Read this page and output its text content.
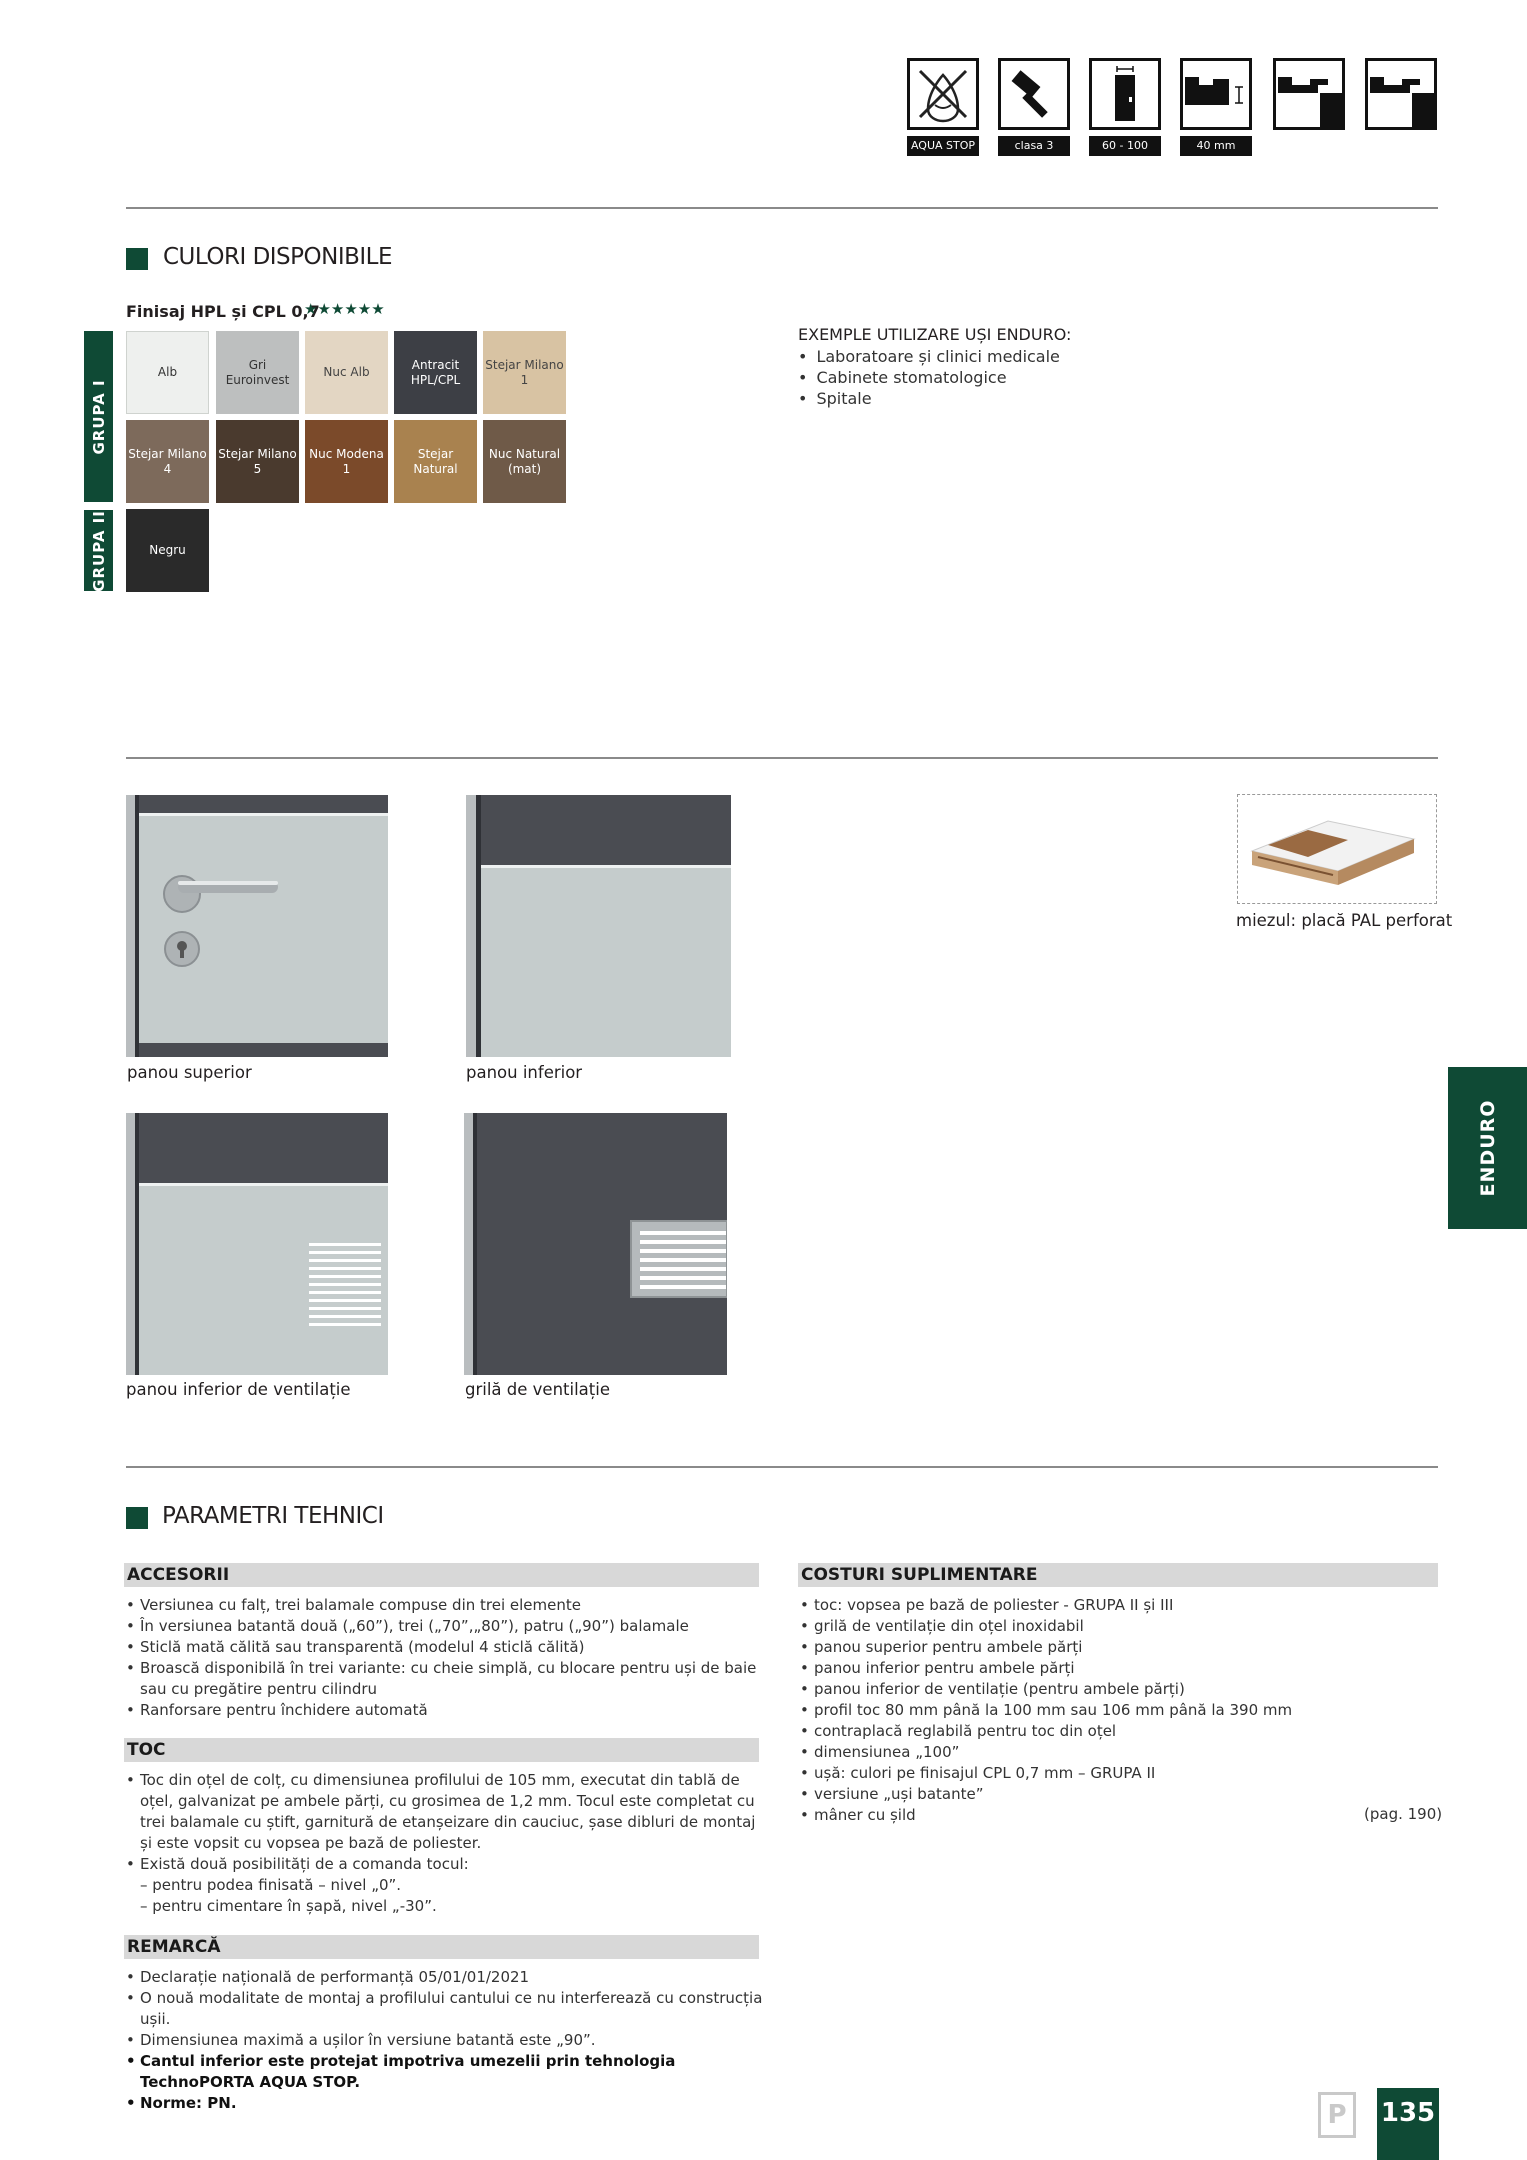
AQUA STOP	clasa 3	60 - 100	40 mm
CULORI DISPONIBILE
Finisaj HPL și CPL 0,7
★★★★★★
GRUPA I
GRUPA II
Alb
Gri Euroinvest
Nuc Alb
Antracit HPL/CPL
Stejar Milano 1
Stejar Milano 4
Stejar Milano 5
Nuc Modena 1
Stejar Natural
Nuc Natural (mat)
Negru
EXEMPLE UTILIZARE UȘI ENDURO:
• Laboratoare și clinici medicale
• Cabinete stomatologice
• Spitale
panou superior	panou inferior
miezul: placă PAL perforat
panou inferior de ventilație	grilă de ventilație
ENDURO
PARAMETRI TEHNICI
ACCESORII
• Versiunea cu falț, trei balamale compuse din trei elemente
• În versiunea batantă două („60”), trei („70”,„80”), patru („90”) balamale
• Sticlă mată călită sau transparentă (modelul 4 sticlă călită)
• Broască disponibilă în trei variante: cu cheie simplă, cu blocare pentru uși de baie sau cu pregătire pentru cilindru
• Ranforsare pentru închidere automată
TOC
• Toc din oțel de colț, cu dimensiunea profilului de 105 mm, executat din tablă de oțel, galvanizat pe ambele părți, cu grosimea de 1,2 mm. Tocul este completat cu trei balamale cu știft, garnitură de etanșeizare din cauciuc, șase dibluri de montaj și este vopsit cu vopsea pe bază de poliester.
• Există două posibilități de a comanda tocul:
– pentru podea finisată – nivel „0”.
– pentru cimentare în șapă, nivel „-30”.
REMARCĂ
• Declarație națională de performanță 05/01/01/2021
• O nouă modalitate de montaj a profilului cantului ce nu interferează cu construcția ușii.
• Dimensiunea maximă a ușilor în versiune batantă este „90”.
• Cantul inferior este protejat impotriva umezelii prin tehnologia TechnoPORTA AQUA STOP.
• Norme: PN.
COSTURI SUPLIMENTARE
• toc: vopsea pe bază de poliester - GRUPA II și III
• grilă de ventilație din oțel inoxidabil
• panou superior pentru ambele părți
• panou inferior pentru ambele părți
• panou inferior de ventilație (pentru ambele părți)
• profil toc 80 mm până la 100 mm sau 106 mm până la 390 mm
• contraplacă reglabilă pentru toc din oțel
• dimensiunea „100”
• ușă: culori pe finisajul CPL 0,7 mm – GRUPA II
• versiune „uși batante”
• mâner cu șild	(pag. 190)
P	135
